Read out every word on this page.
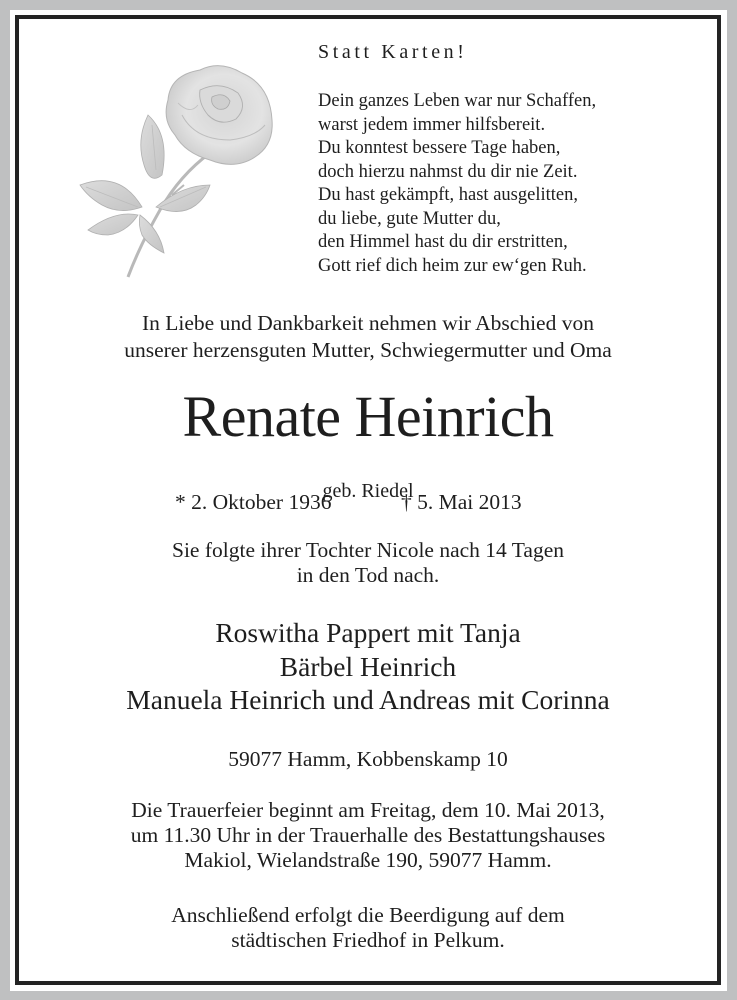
Statt Karten!
Dein ganzes Leben war nur Schaffen,
warst jedem immer hilfsbereit.
Du konntest bessere Tage haben,
doch hierzu nahmst du dir nie Zeit.
Du hast gekämpft, hast ausgelitten,
du liebe, gute Mutter du,
den Himmel hast du dir erstritten,
Gott rief dich heim zur ew‘gen Ruh.
In Liebe und Dankbarkeit nehmen wir Abschied von
unserer herzensguten Mutter, Schwiegermutter und Oma
Renate Heinrich
geb. Riedel
* 2. Oktober 1936	† 5. Mai 2013
Sie folgte ihrer Tochter Nicole nach 14 Tagen
in den Tod nach.
Roswitha Pappert mit Tanja
Bärbel Heinrich
Manuela Heinrich und Andreas mit Corinna
59077 Hamm, Kobbenskamp 10
Die Trauerfeier beginnt am Freitag, dem 10. Mai 2013,
um 11.30 Uhr in der Trauerhalle des Bestattungshauses
Makiol, Wielandstraße 190, 59077 Hamm.
Anschließend erfolgt die Beerdigung auf dem
städtischen Friedhof in Pelkum.
